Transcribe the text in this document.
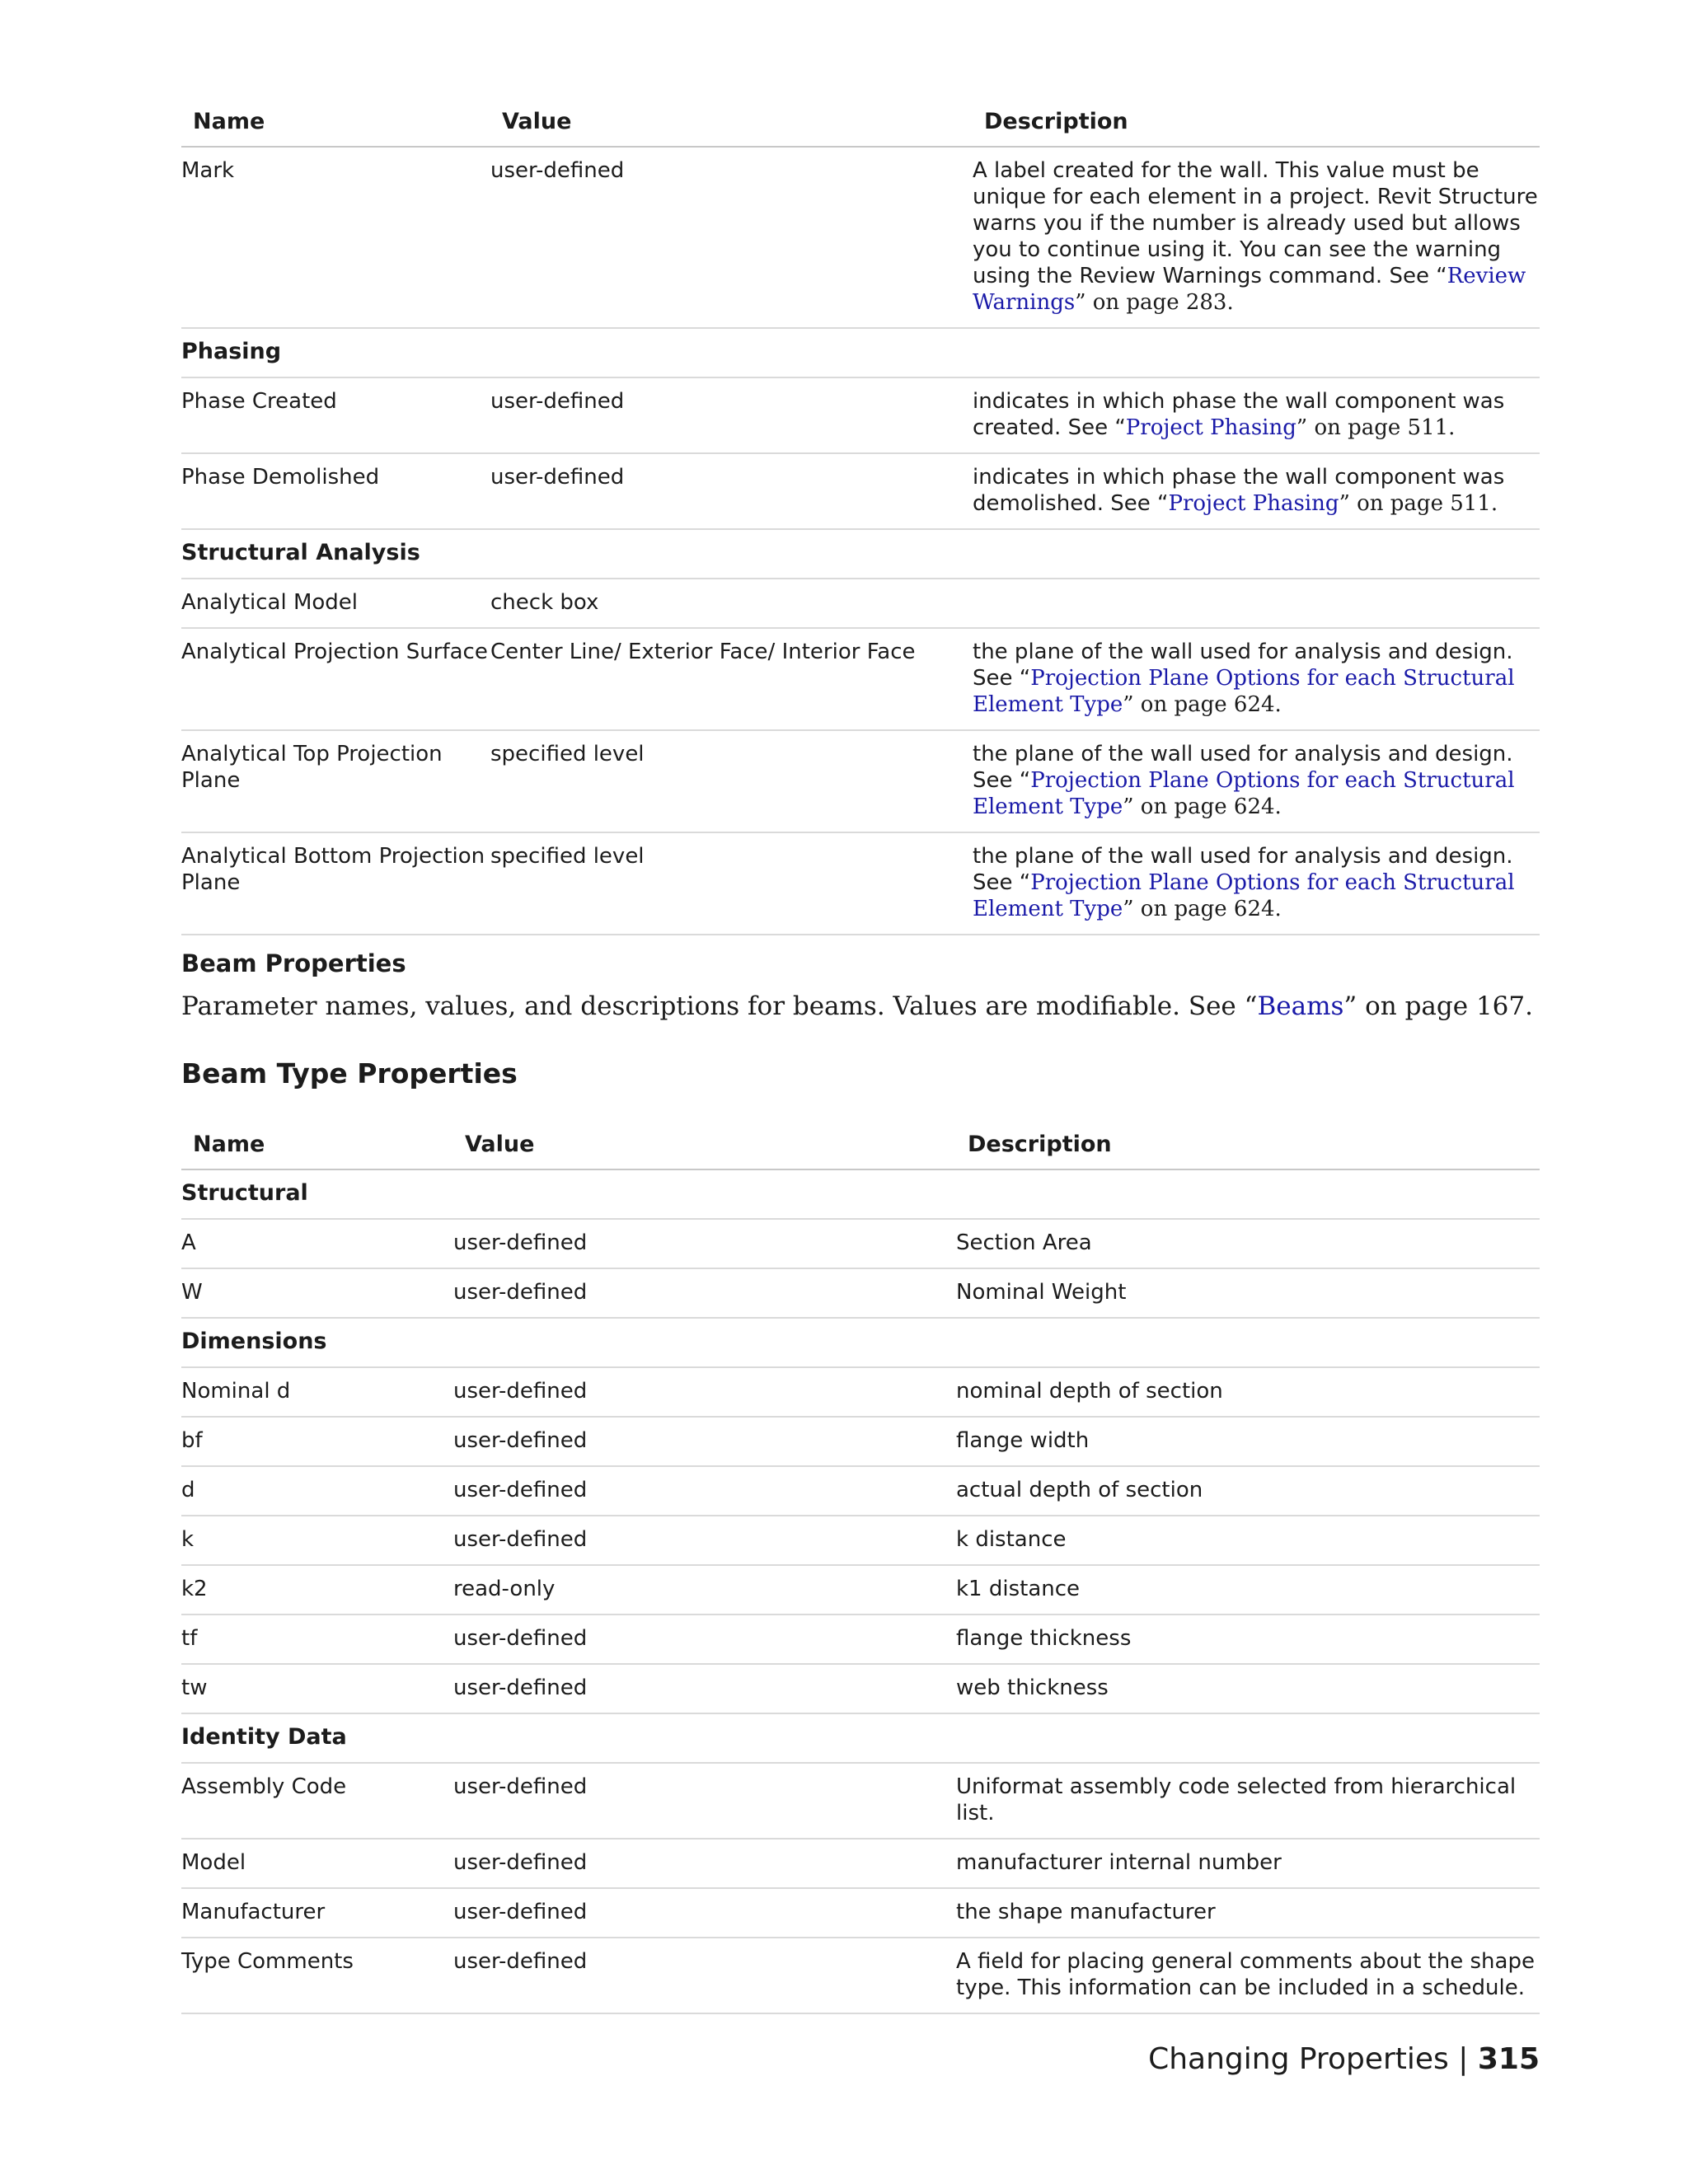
Name	Value	Description
Mark	user-defined	A label created for the wall. This value must be unique for each element in a project. Revit Structure warns you if the number is already used but allows you to continue using it. You can see the warning using the Review Warnings command. See “Review Warnings” on page 283.
Phasing		
Phase Created	user-defined	indicates in which phase the wall component was created. See “Project Phasing” on page 511.
Phase Demolished	user-defined	indicates in which phase the wall component was demolished. See “Project Phasing” on page 511.
Structural Analysis		
Analytical Model	check box	
Analytical Projection Surface	Center Line/ Exterior Face/ Interior Face	the plane of the wall used for analysis and design. See “Projection Plane Options for each Structural Element Type” on page 624.
Analytical Top Projection Plane	specified level	the plane of the wall used for analysis and design. See “Projection Plane Options for each Structural Element Type” on page 624.
Analytical Bottom Projection Plane	specified level	the plane of the wall used for analysis and design. See “Projection Plane Options for each Structural Element Type” on page 624.
Beam Properties
Parameter names, values, and descriptions for beams. Values are modifiable. See “Beams” on page 167.
Beam Type Properties
Name	Value	Description
Structural		
A	user-defined	Section Area
W	user-defined	Nominal Weight
Dimensions		
Nominal d	user-defined	nominal depth of section
bf	user-defined	flange width
d	user-defined	actual depth of section
k	user-defined	k distance
k2	read-only	k1 distance
tf	user-defined	flange thickness
tw	user-defined	web thickness
Identity Data		
Assembly Code	user-defined	Uniformat assembly code selected from hierarchical list.
Model	user-defined	manufacturer internal number
Manufacturer	user-defined	the shape manufacturer
Type Comments	user-defined	A field for placing general comments about the shape type. This information can be included in a schedule.
Changing Properties | 315
